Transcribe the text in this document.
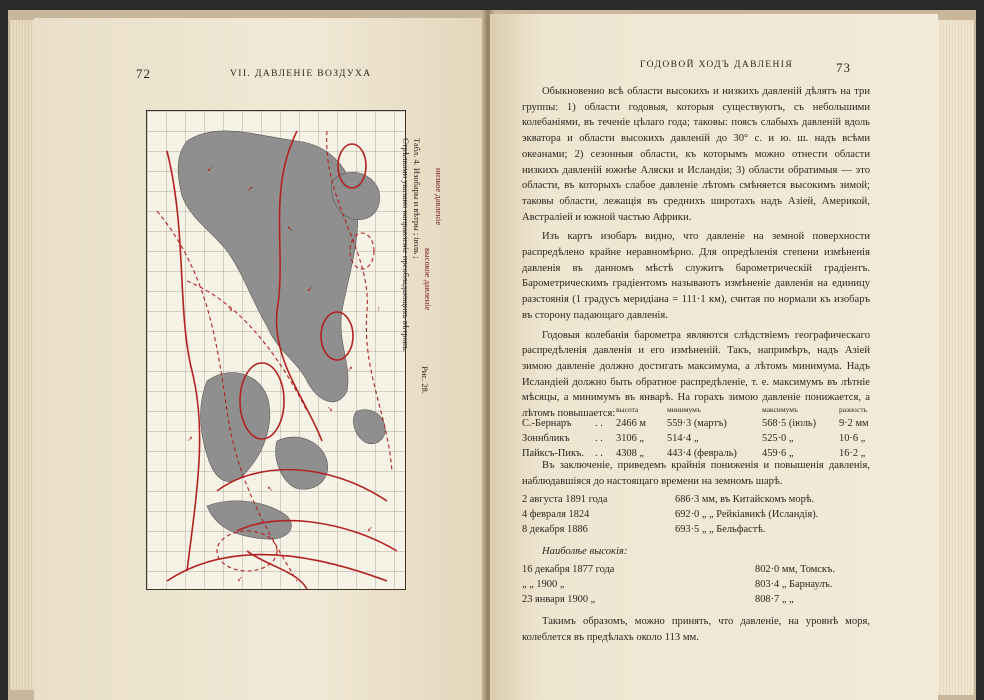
72	VII. ДАВЛЕНІЕ ВОЗДУХА
↙
↗
↖
↘
↙
↗
↖
↙
↗
↘
↑
↙
Табл. 4. Изобары и вѣтры ; іюль ;
Стрѣлками указано направленіе преобладающихъ вѣтровъ. высокое давленіе
низкое давленіе
Рис. 28.
ГОДОВОЙ ХОДЪ ДАВЛЕНІЯ	73

Обыкновенно всѣ области высокихъ и низкихъ давленій дѣлятъ на три группы: 1) области годовыя, которыя существуютъ, съ небольшими колебаніями, въ теченіе цѣлаго года; таковы: поясъ слабыхъ давленій вдоль экватора и области высокихъ давленій до 30° с. и ю. ш. надъ всѣми океанами; 2) сезонныя области, къ которымъ можно отнести области низкихъ давленій южнѣе Аляски и Исландіи; 3) области обратимыя — это области, въ которыхъ слабое давленіе лѣтомъ смѣняется высокимъ зимой; таковы области, лежащія въ среднихъ широтахъ надъ Азіей, Америкой, Австраліей и южной частью Африки.

Изъ картъ изобаръ видно, что давленіе на земной поверхности распредѣлено крайне неравномѣрно. Для опредѣленія степени измѣненія давленія въ данномъ мѣстѣ служитъ барометрическій градіентъ. Барометрическимъ градіентомъ называютъ измѣненіе давленія на единицу разстоянія (1 градусъ меридіана = 111·1 км), считая по нормали къ изобаръ въ сторону падающаго давленія.

Годовыя колебанія барометра являются слѣдствіемъ географическаго распредѣленія давленія и его измѣненій. Такъ, напримѣръ, надъ Азіей зимою давленіе должно достигать максимума, а лѣтомъ минимума. Надъ Исландіей должно быть обратное распредѣленіе, т. е. максимумъ въ лѣтніе мѣсяцы, а минимумъ въ январѣ. На горахъ зимою давленіе понижается, а лѣтомъ повышается:

		высота	минимумъ	максимумъ	разность
С.-Бернаръ	. .	2466 м	559·3 (мартъ)	568·5 (іюль)	9·2 мм
Зоннбликъ	. .	3106 „	514·4 „	525·0 „	10·6 „
Пайксъ-Пикъ.	. .	4308 „	443·4 (февраль)	459·6 „	16·2 „

Въ заключеніе, приведемъ крайнія пониженія и повышенія давленія, наблюдавшіяся до настоящаго времени на земномъ шарѣ.

2 августа 1891 года	686·3 мм, въ Китайскомъ морѣ.
4 февраля 1824	692·0 „ „ Рейкіавикѣ (Исландія).
8 декабря 1886	693·5 „ „ Бельфастѣ.

Наиболѣе высокія:

16 декабря 1877 года	802·0 мм, Томскъ.
„ „ 1900 „	803·4 „ Барнаулъ.
23 января 1900 „	808·7 „ „

Такимъ образомъ, можно принять, что давленіе, на уровнѣ моря, колеблется въ предѣлахъ около 113 мм.
